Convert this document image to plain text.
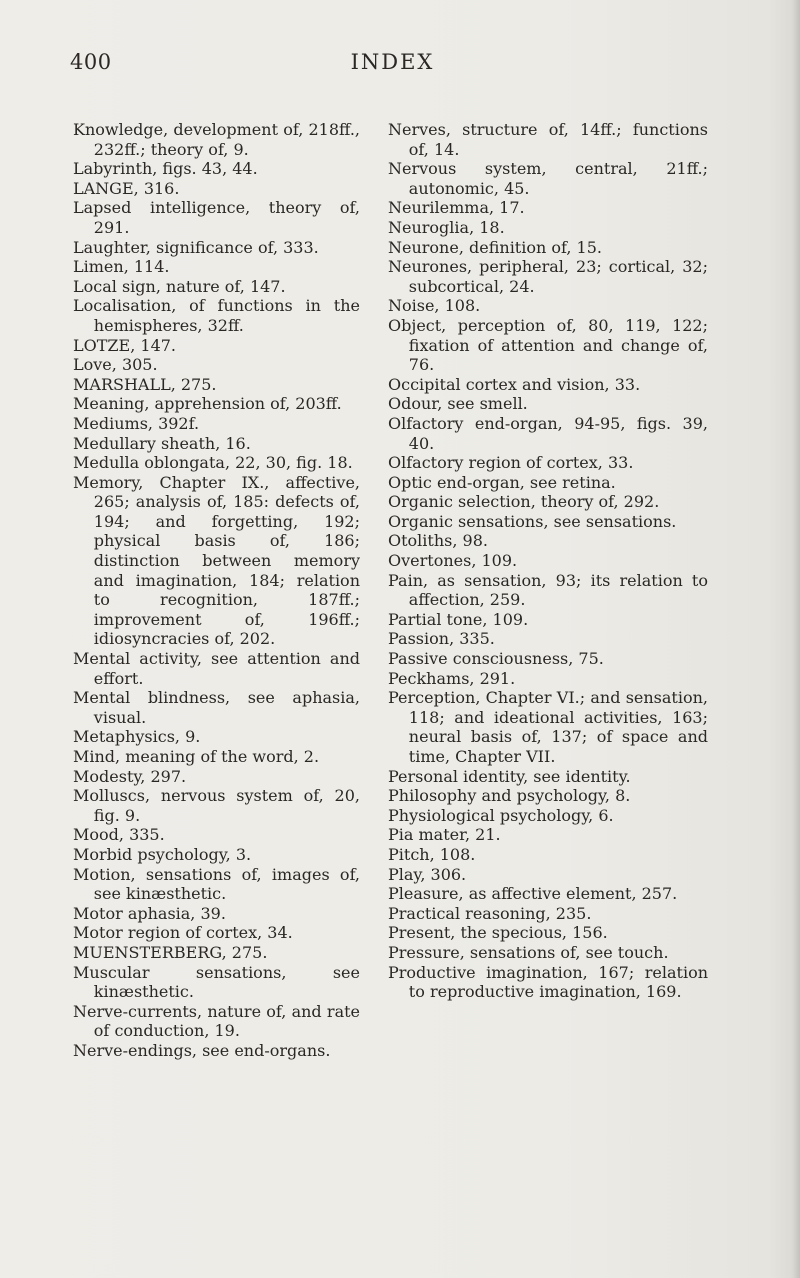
400	INDEX

Knowledge, development of, 218ff., 232ff.; theory of, 9.

Labyrinth, figs. 43, 44.

LANGE, 316.

Lapsed intelligence, theory of, 291.

Laughter, significance of, 333.

Limen, 114.

Local sign, nature of, 147.

Localisation, of functions in the hemispheres, 32ff.

LOTZE, 147.

Love, 305.

MARSHALL, 275.

Meaning, apprehension of, 203ff.

Mediums, 392f.

Medullary sheath, 16.

Medulla oblongata, 22, 30, fig. 18.

Memory, Chapter IX., affective, 265; analysis of, 185: defects of, 194; and forgetting, 192; physical basis of, 186; distinction between memory and imagination, 184; relation to recognition, 187ff.; improvement of, 196ff.; idiosyncracies of, 202.

Mental activity, see attention and effort.

Mental blindness, see aphasia, visual.

Metaphysics, 9.

Mind, meaning of the word, 2.

Modesty, 297.

Molluscs, nervous system of, 20, fig. 9.

Mood, 335.

Morbid psychology, 3.

Motion, sensations of, images of, see kinæsthetic.

Motor aphasia, 39.

Motor region of cortex, 34.

MUENSTERBERG, 275.

Muscular sensations, see kinæsthetic.

Nerve-currents, nature of, and rate of conduction, 19.

Nerve-endings, see end-organs.

Nerves, structure of, 14ff.; functions of, 14.

Nervous system, central, 21ff.; autonomic, 45.

Neurilemma, 17.

Neuroglia, 18.

Neurone, definition of, 15.

Neurones, peripheral, 23; cortical, 32; subcortical, 24.

Noise, 108.

Object, perception of, 80, 119, 122; fixation of attention and change of, 76.

Occipital cortex and vision, 33.

Odour, see smell.

Olfactory end-organ, 94-95, figs. 39, 40.

Olfactory region of cortex, 33.

Optic end-organ, see retina.

Organic selection, theory of, 292.

Organic sensations, see sensations.

Otoliths, 98.

Overtones, 109.

Pain, as sensation, 93; its relation to affection, 259.

Partial tone, 109.

Passion, 335.

Passive consciousness, 75.

Peckhams, 291.

Perception, Chapter VI.; and sensation, 118; and ideational activities, 163; neural basis of, 137; of space and time, Chapter VII.

Personal identity, see identity.

Philosophy and psychology, 8.

Physiological psychology, 6.

Pia mater, 21.

Pitch, 108.

Play, 306.

Pleasure, as affective element, 257.

Practical reasoning, 235.

Present, the specious, 156.

Pressure, sensations of, see touch.

Productive imagination, 167; relation to reproductive imagination, 169.
